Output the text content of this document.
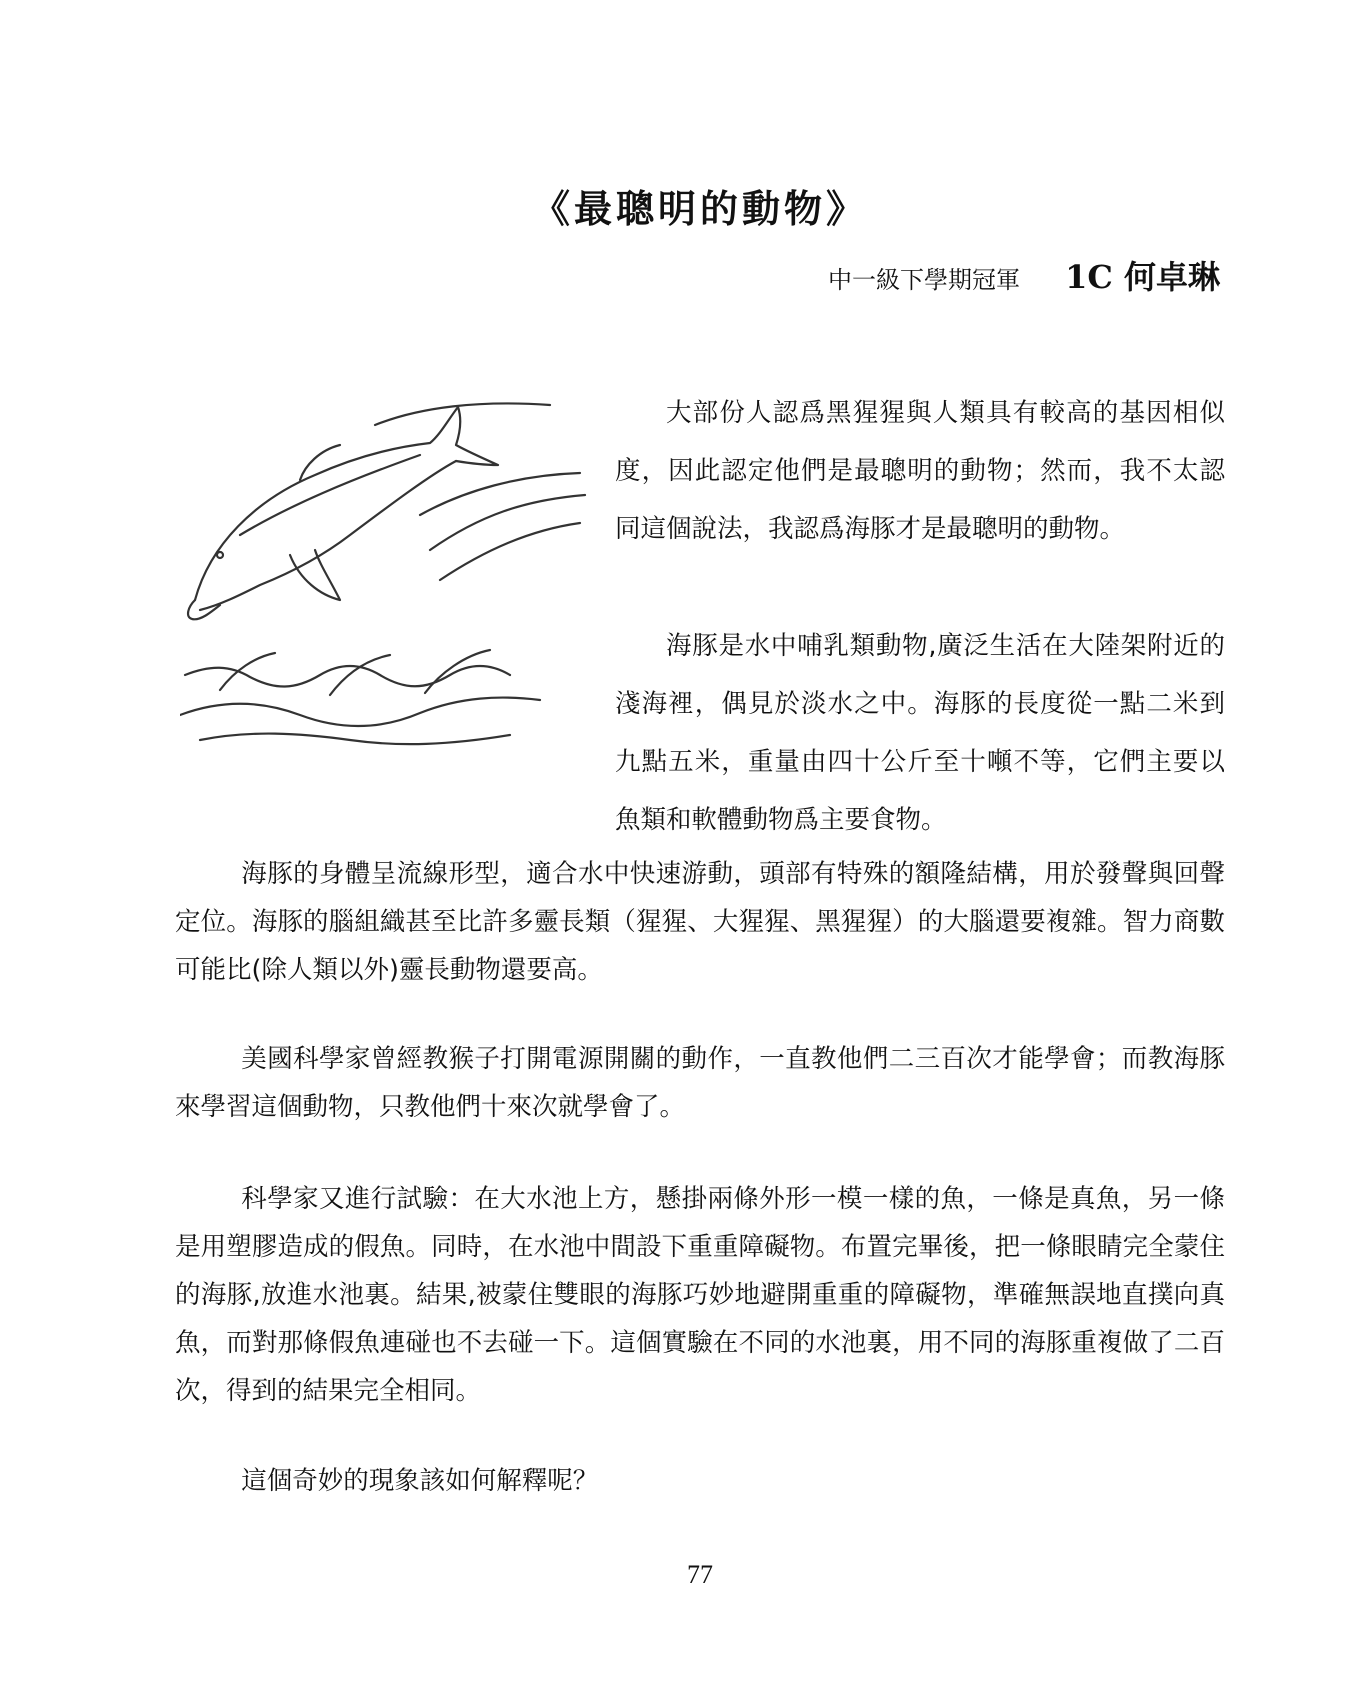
《最聰明的動物》
中一級下學期冠軍 1C 何卓琳

大部份人認爲黑猩猩與人類具有較高的基因相似度，因此認定他們是最聰明的動物；然而，我不太認同這個說法，我認爲海豚才是最聰明的動物。

海豚是水中哺乳類動物,廣泛生活在大陸架附近的淺海裡，偶見於淡水之中。海豚的長度從一點二米到九點五米，重量由四十公斤至十噸不等，它們主要以魚類和軟體動物爲主要食物。

海豚的身體呈流線形型，適合水中快速游動，頭部有特殊的額隆結構，用於發聲與回聲定位。海豚的腦組織甚至比許多靈長類（猩猩、大猩猩、黑猩猩）的大腦還要複雜。智力商數可能比(除人類以外)靈長動物還要高。

美國科學家曾經教猴子打開電源開關的動作，一直教他們二三百次才能學會；而教海豚來學習這個動物，只教他們十來次就學會了。

科學家又進行試驗：在大水池上方，懸掛兩條外形一模一樣的魚，一條是真魚，另一條是用塑膠造成的假魚。同時，在水池中間設下重重障礙物。布置完畢後，把一條眼睛完全蒙住的海豚,放進水池裏。結果,被蒙住雙眼的海豚巧妙地避開重重的障礙物，準確無誤地直撲向真魚，而對那條假魚連碰也不去碰一下。這個實驗在不同的水池裏，用不同的海豚重複做了二百次，得到的結果完全相同。

這個奇妙的現象該如何解釋呢？

77
